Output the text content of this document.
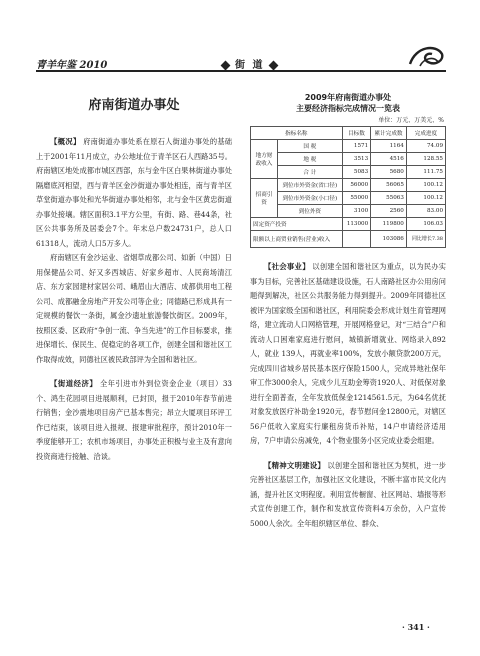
青羊年鉴 2010	街 道
府南街道办事处

【概况】 府南街道办事处系在原石人街道办事处的基础上于2001年11月成立，办公地址位于青羊区石人西路35号。府南辖区地处成都市城区西部，东与金牛区白果林街道办事处隔磨底河相望，西与青羊区金沙街道办事处相连，南与青羊区草堂街道办事处和光华街道办事处相邻，北与金牛区黄忠街道办事处接壤。辖区面积3.1平方公里，有街、路、巷44条，社区公共事务所及居委会7个。年末总户数24731户，总人口61318人，流动人口5万多人。

府南辖区有金沙运业、省烟草成都公司、如新（中国）日用保健品公司、好又多西城店、好家乡超市、人民商场清江店、东方家园建材家居公司、峨眉山大酒店、成都供用电工程公司、成都融金房地产开发公司等企业；同德路已形成具有一定规模的餐饮一条街，属金沙遗址旅游餐饮街区。2009年，按照区委、区政府“争创一流、争当先进”的工作目标要求，推进保增长、保民生、促稳定的各项工作，创建全国和谐社区工作取得成效，同德社区被民政部评为全国和谐社区。

【街道经济】 全年引进市外到位资金企业（项目）33个、鸿生花园项目进展顺利，已封顶，报于2010年春节前进行销售；金沙震地项目房产已基本售完；昂立大厦项目环评工作已结束，该项目进入报规、报建审批程序，预计2010年一季度能够开工；农机市场项目，办事处正积极与业主及有意向投资商进行接触、洽谈。

2009年府南街道办事处
主要经济指标完成情况一览表
单位：万元、万美元、%
指标名称		目标数	累计完成数	完成进度
地方财政收入	国 税	1571	1164	74.09
	地 税	3513	4516	128.55
	合 计	5083	5680	111.75
招商引资	到位市外资金(省口径)	56000	56065	100.12
	到位市外资金(小口径)	55000	55063	100.12
	到位外资	3100	2560	83.00
固定资产投资		113000	119800	106.03
限额以上商贸业销售(营业)收入			103086	同比增长7.38

【社会事业】 以创建全国和谐社区为重点，以为民办实事为目标，完善社区基础建设设施，石人南路社区办公用房问题得到解决，社区公共服务能力得到提升。2009年同德社区被评为国家级全国和谐社区，利用院委会形成计划生育管理网络，建立流动人口网格管理，开展网格登记，对“三结合”户和流动人口困难家庭进行慰问，城镇新增就业、网络录入892人，就业 139人，再就业率100%，发放小额贷款200万元，完成四川省城乡居民基本医疗保险1500人，完成异地社保年审工作3000余人，完成少儿互助金筹资1920人、对低保对象进行全面普查，全年发放低保金1214561.5元，为64名优抚对象发放医疗补助金1920元，春节慰问金12800元，对辖区56户低收入家庭实行廉租房货币补贴，14户申请经济适用房，7户申请公房减免，4个物业服务小区完成业委会组建。

【精神文明建设】 以创建全国和谐社区为契机，进一步完善社区基层工作，加强社区文化建设，不断丰富市民文化内涵，提升社区文明程度。利用宣传橱窗、社区网站、墙报等形式宣传创建工作，制作和发放宣传资料4万余份，入户宣传5000人余次。全年组织辖区单位、群众、

· 341 ·
